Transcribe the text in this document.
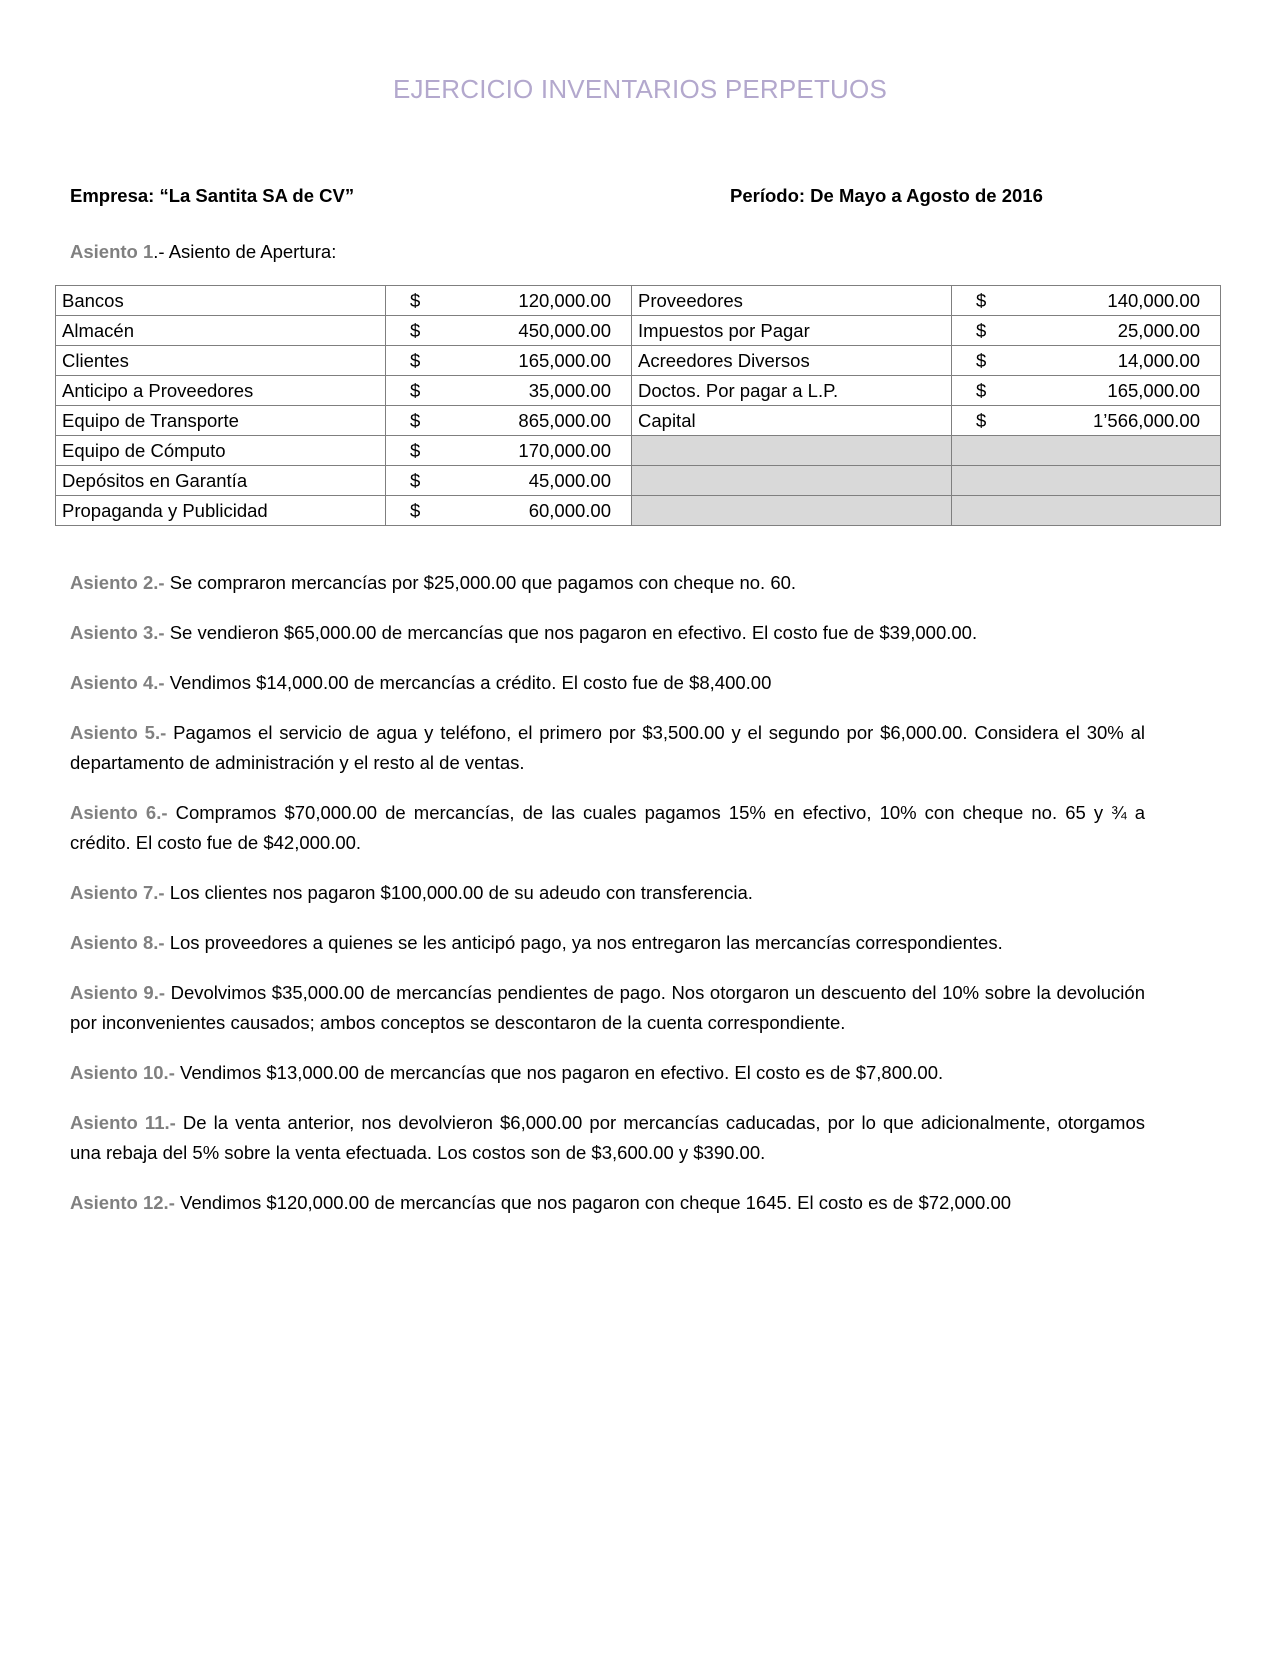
EJERCICIO INVENTARIOS PERPETUOS
Empresa: “La Santita SA de CV”	Período: De Mayo a Agosto de 2016
Asiento 1.- Asiento de Apertura:
Bancos	$ 120,000.00	Proveedores	$ 140,000.00

Almacén	$ 450,000.00	Impuestos por Pagar	$ 25,000.00

Clientes	$ 165,000.00	Acreedores Diversos	$ 14,000.00

Anticipo a Proveedores	$ 35,000.00	Doctos. Por pagar a L.P.	$ 165,000.00

Equipo de Transporte	$ 865,000.00	Capital	$ 1’566,000.00

Equipo de Cómputo	$ 170,000.00		

Depósitos en Garantía	$ 45,000.00		

Propaganda y Publicidad	$ 60,000.00		

Asiento 2.- Se compraron mercancías por $25,000.00 que pagamos con cheque no. 60.

Asiento 3.- Se vendieron $65,000.00 de mercancías que nos pagaron en efectivo. El costo fue de $39,000.00.

Asiento 4.- Vendimos $14,000.00 de mercancías a crédito. El costo fue de $8,400.00

Asiento 5.- Pagamos el servicio de agua y teléfono, el primero por $3,500.00 y el segundo por $6,000.00. Considera el 30% al departamento de administración y el resto al de ventas.

Asiento 6.- Compramos $70,000.00 de mercancías, de las cuales pagamos 15% en efectivo, 10% con cheque no. 65 y ¾ a crédito. El costo fue de $42,000.00.

Asiento 7.- Los clientes nos pagaron $100,000.00 de su adeudo con transferencia.

Asiento 8.- Los proveedores a quienes se les anticipó pago, ya nos entregaron las mercancías correspondientes.

Asiento 9.- Devolvimos $35,000.00 de mercancías pendientes de pago. Nos otorgaron un descuento del 10% sobre la devolución por inconvenientes causados; ambos conceptos se descontaron de la cuenta correspondiente.

Asiento 10.- Vendimos $13,000.00 de mercancías que nos pagaron en efectivo. El costo es de $7,800.00.

Asiento 11.- De la venta anterior, nos devolvieron $6,000.00 por mercancías caducadas, por lo que adicionalmente, otorgamos una rebaja del 5% sobre la venta efectuada. Los costos son de $3,600.00 y $390.00.

Asiento 12.- Vendimos $120,000.00 de mercancías que nos pagaron con cheque 1645. El costo es de $72,000.00
